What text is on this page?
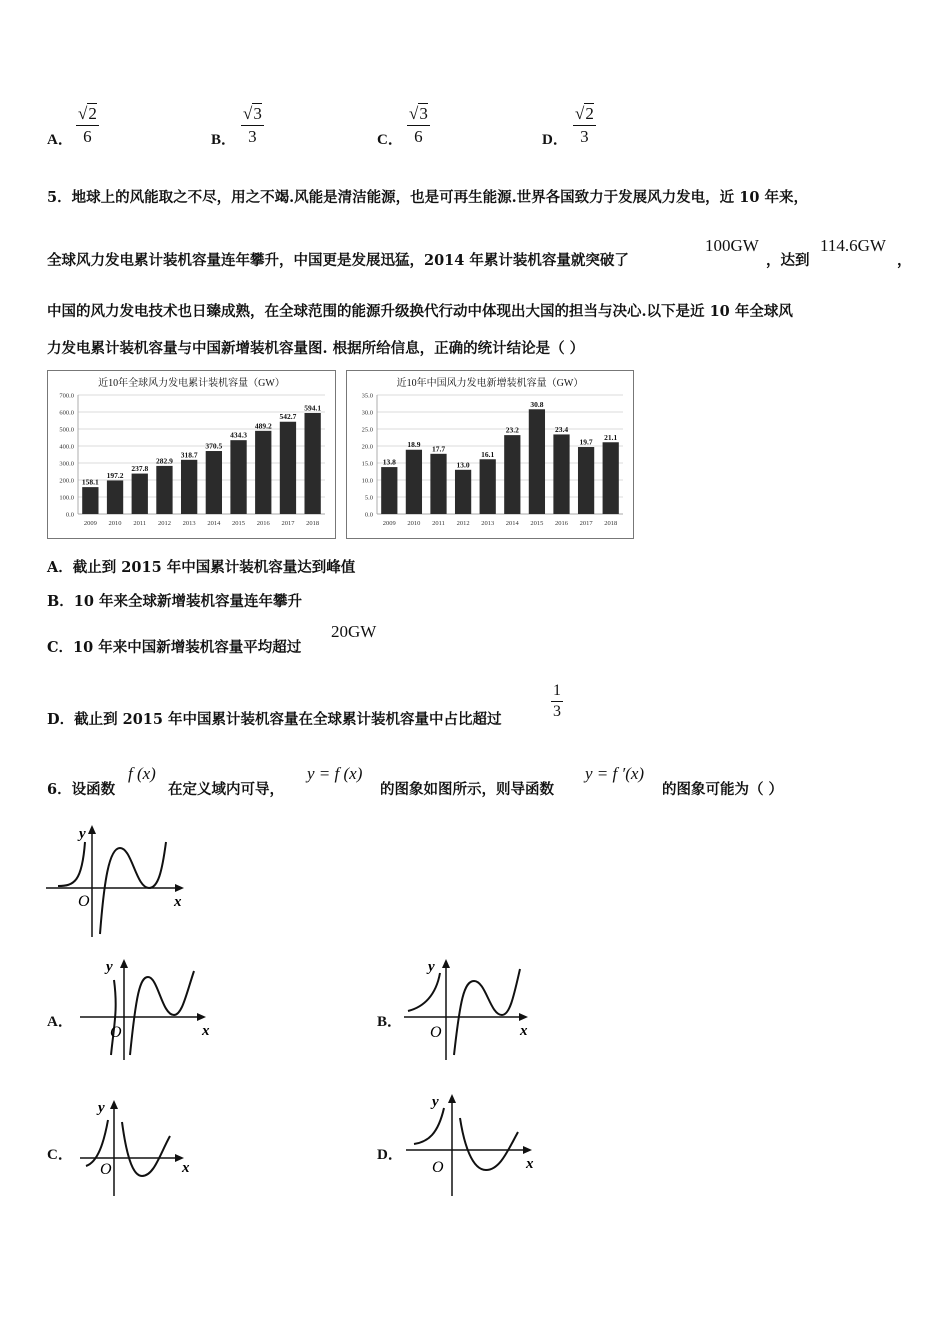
A．
√2
6	B．
√3
3	C．
√3
6	D．
√2
3
5．地球上的风能取之不尽，用之不竭.风能是清洁能源，也是可再生能源.世界各国致力于发展风力发电，近 10 年来，
全球风力发电累计装机容量连年攀升，中国更是发展迅猛，2014 年累计装机容量就突破了
100GW
，达到
114.6GW
，
中国的风力发电技术也日臻成熟，在全球范围的能源升级换代行动中体现出大国的担当与决心.以下是近 10 年全球风
力发电累计装机容量与中国新增装机容量图. 根据所给信息，正确的统计结论是（ ）
近10年全球风力发电累计装机容量（GW）
0.0
100.0
200.0
300.0
400.0
500.0
600.0
700.0
158.1
2009
197.2
2010
237.8
2011
282.9
2012
318.7
2013
370.5
2014
434.3
2015
489.2
2016
542.7
2017
594.1
2018
近10年中国风力发电新增装机容量（GW）
0.0
5.0
10.0
15.0
20.0
25.0
30.0
35.0
13.8
2009
18.9
2010
17.7
2011
13.0
2012
16.1
2013
23.2
2014
30.8
2015
23.4
2016
19.7
2017
21.1
2018
A．截止到 2015 年中国累计装机容量达到峰值
B．10 年来全球新增装机容量连年攀升
C．10 年来中国新增装机容量平均超过
20GW
D．截止到 2015 年中国累计装机容量在全球累计装机容量中占比超过
1
3
6．设函数
f (x)
在定义域内可导，
y = f (x)
的图象如图所示，则导函数
y = f ′(x)
的图象可能为（ ）
y
O	x
A．
y
O	x
B．
y
O	x
C．
y
O	x
D．
y
O	x
